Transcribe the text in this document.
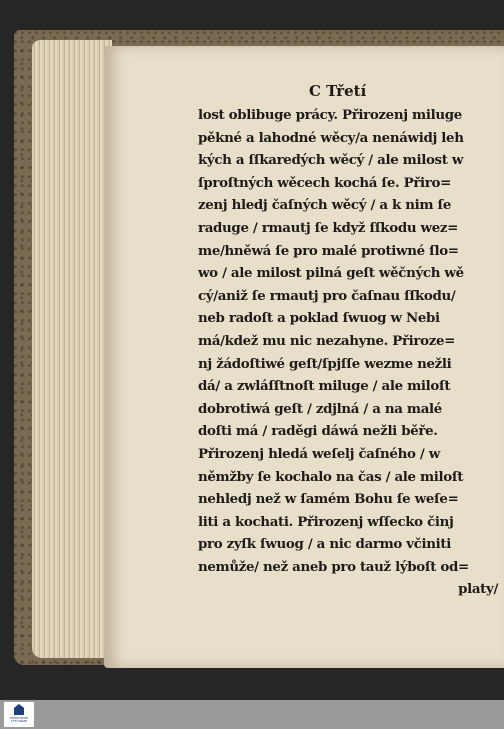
C Třetí
lost oblibuge prácy. Přirozenj miluge
pěkné a lahodné wěcy/a nenáwidj leh
kých a ſſkaredých wěcý / ale milost w
ſproſtných wěcech kochá ſe. Přiro=
zenj hledj čaſných wěcý / a k nim ſe
raduge / rmautj ſe když ſſkodu wez=
me/hněwá ſe pro malé protiwné ſlo=
wo / ale milost pilná geſt wěčných wě
cý/aniž ſe rmautj pro čaſnau ſſkodu/
neb radoſt a poklad ſwuog w Nebi
má/kdež mu nic nezahyne. Přiroze=
nj žádoſtiwé geſt/ſpjſſe wezme nežli
dá/ a zwláſſtnoſt miluge / ale miloſt
dobrotiwá geſt / zdjlná / a na malé
doſti má / raděgi dáwá nežli běře.
Přirozenj hledá weſelj čaſného / w
němžby ſe kochalo na čas / ale miloſt
nehledj než w ſamém Bohu ſe weſe=
liti a kochati. Přirozenj wſſecko činj
pro zyſk ſwuog / a nic darmo včiniti
nemůže/ než aneb pro tauž lýboſt od=
platy/
FRANKFURTER STIFTUNGEN
